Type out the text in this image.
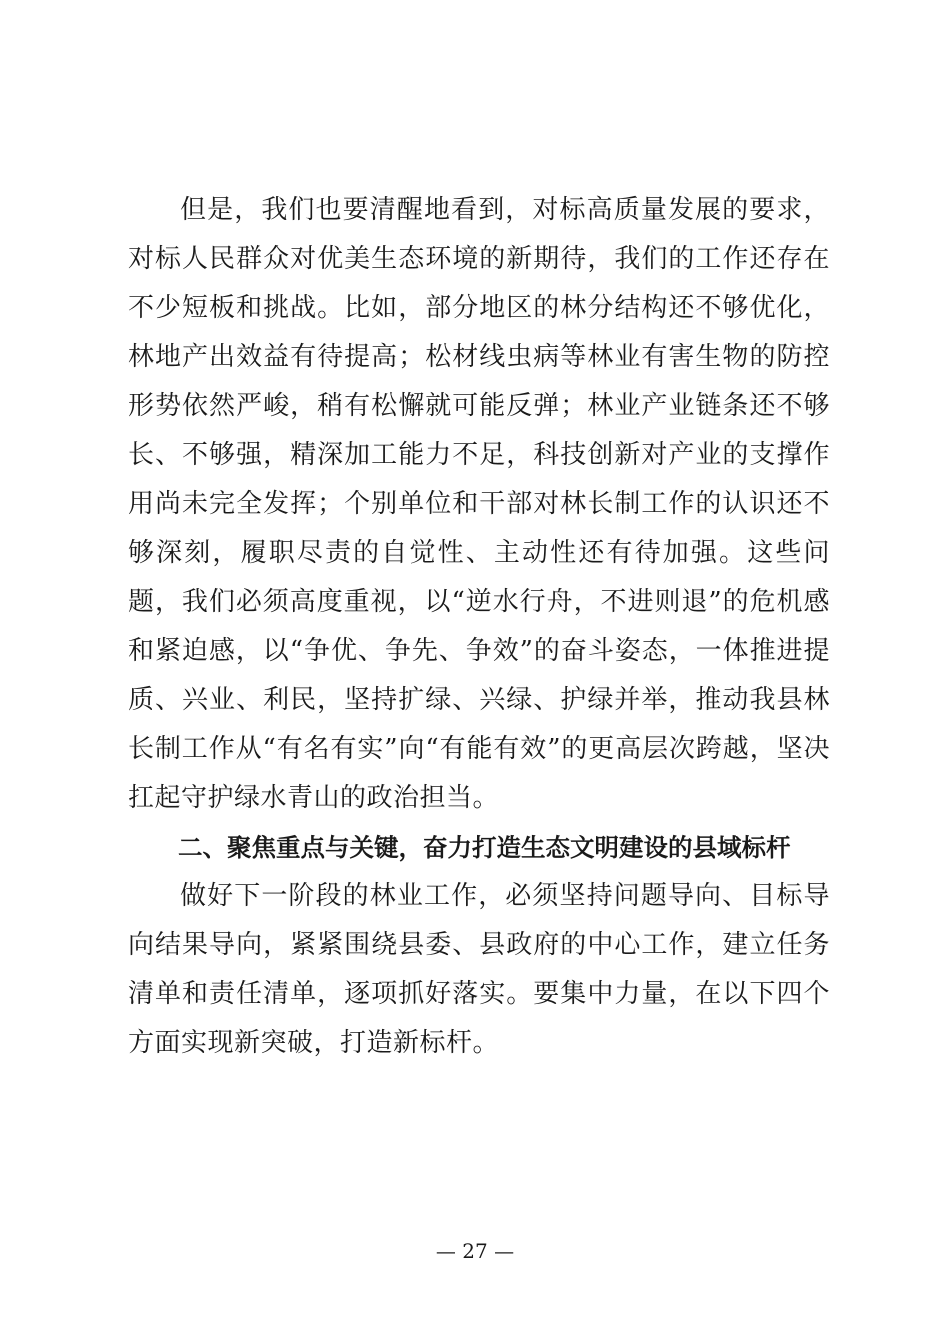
但是，我们也要清醒地看到，对标高质量发展的要求，对标人民群众对优美生态环境的新期待，我们的工作还存在不少短板和挑战。比如，部分地区的林分结构还不够优化，林地产出效益有待提高；松材线虫病等林业有害生物的防控形势依然严峻，稍有松懈就可能反弹；林业产业链条还不够长、不够强，精深加工能力不足，科技创新对产业的支撑作用尚未完全发挥；个别单位和干部对林长制工作的认识还不够深刻，履职尽责的自觉性、主动性还有待加强。这些问题，我们必须高度重视，以“逆水行舟，不进则退”的危机感和紧迫感，以“争优、争先、争效”的奋斗姿态，一体推进提质、兴业、利民，坚持扩绿、兴绿、护绿并举，推动我县林长制工作从“有名有实”向“有能有效”的更高层次跨越，坚决扛起守护绿水青山的政治担当。

二、聚焦重点与关键，奋力打造生态文明建设的县域标杆

做好下一阶段的林业工作，必须坚持问题导向、目标导向结果导向，紧紧围绕县委、县政府的中心工作，建立任务清单和责任清单，逐项抓好落实。要集中力量，在以下四个方面实现新突破，打造新标杆。

— 27 —
